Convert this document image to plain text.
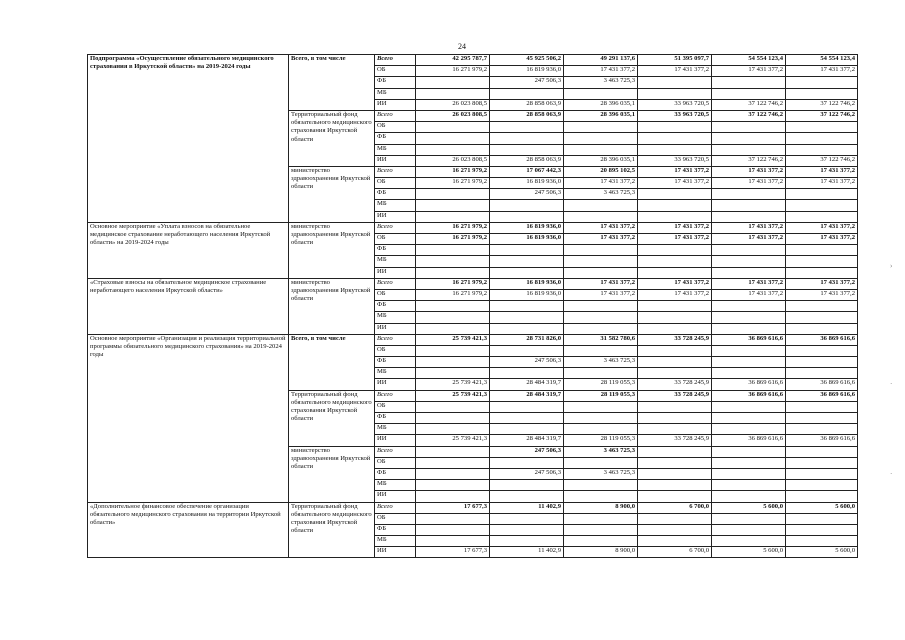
24
Подпрограмма «Осуществление обязательного медицинского страхования в Иркутской области» на 2019-2024 годы	Всего, в том числе	Всего	42 295 787,7	45 925 506,2	49 291 137,6	51 395 097,7	54 554 123,4	54 554 123,4
		ОБ	16 271 979,2	16 819 936,0	17 431 377,2	17 431 377,2	17 431 377,2	17 431 377,2
		ФБ		247 506,3	3 463 725,3			
		МБ						
		ИИ	26 023 808,5	28 858 063,9	28 396 035,1	33 963 720,5	37 122 746,2	37 122 746,2
	Территориальный фонд обязательного медицинского страхования Иркутской области	Всего	26 023 808,5	28 858 063,9	28 396 035,1	33 963 720,5	37 122 746,2	37 122 746,2
		ОБ						
		ФБ						
		МБ						
		ИИ	26 023 808,5	28 858 063,9	28 396 035,1	33 963 720,5	37 122 746,2	37 122 746,2
	министерство здравоохранения Иркутской области	Всего	16 271 979,2	17 067 442,3	20 895 102,5	17 431 377,2	17 431 377,2	17 431 377,2
		ОБ	16 271 979,2	16 819 936,0	17 431 377,2	17 431 377,2	17 431 377,2	17 431 377,2
		ФБ		247 506,3	3 463 725,3			
		МБ						
		ИИ						
Основное мероприятие «Уплата взносов на обязательное медицинское страхование неработающего населения Иркутской области» на 2019-2024 годы	министерство здравоохранения Иркутской области	Всего	16 271 979,2	16 819 936,0	17 431 377,2	17 431 377,2	17 431 377,2	17 431 377,2
		ОБ	16 271 979,2	16 819 936,0	17 431 377,2	17 431 377,2	17 431 377,2	17 431 377,2
		ФБ						
		МБ						
		ИИ						
«Страховые взносы на обязательное медицинское страхование неработающего населения Иркутской области»	министерство здравоохранения Иркутской области	Всего	16 271 979,2	16 819 936,0	17 431 377,2	17 431 377,2	17 431 377,2	17 431 377,2
		ОБ	16 271 979,2	16 819 936,0	17 431 377,2	17 431 377,2	17 431 377,2	17 431 377,2
		ФБ						
		МБ						
		ИИ						
Основное мероприятие «Организация и реализация территориальной программы обязательного медицинского страхования» на 2019-2024 годы	Всего, в том числе	Всего	25 739 421,3	28 731 826,0	31 582 780,6	33 728 245,9	36 869 616,6	36 869 616,6
		ОБ						
		ФБ		247 506,3	3 463 725,3			
		МБ						
		ИИ	25 739 421,3	28 484 319,7	28 119 055,3	33 728 245,9	36 869 616,6	36 869 616,6
	Территориальный фонд обязательного медицинского страхования Иркутской области	Всего	25 739 421,3	28 484 319,7	28 119 055,3	33 728 245,9	36 869 616,6	36 869 616,6
		ОБ						
		ФБ						
		МБ						
		ИИ	25 739 421,3	28 484 319,7	28 119 055,3	33 728 245,9	36 869 616,6	36 869 616,6
	министерство здравоохранения Иркутской области	Всего		247 506,3	3 463 725,3			
		ОБ						
		ФБ		247 506,3	3 463 725,3			
		МБ						
		ИИ						
«Дополнительное финансовое обеспечение организации обязательного медицинского страхования на территории Иркутской области»	Территориальный фонд обязательного медицинского страхования Иркутской области	Всего	17 677,3	11 402,9	8 900,0	6 700,0	5 600,0	5 600,0
		ОБ						
		ФБ						
		МБ						
		ИИ	17 677,3	11 402,9	8 900,0	6 700,0	5 600,0	5 600,0
›
·
·
